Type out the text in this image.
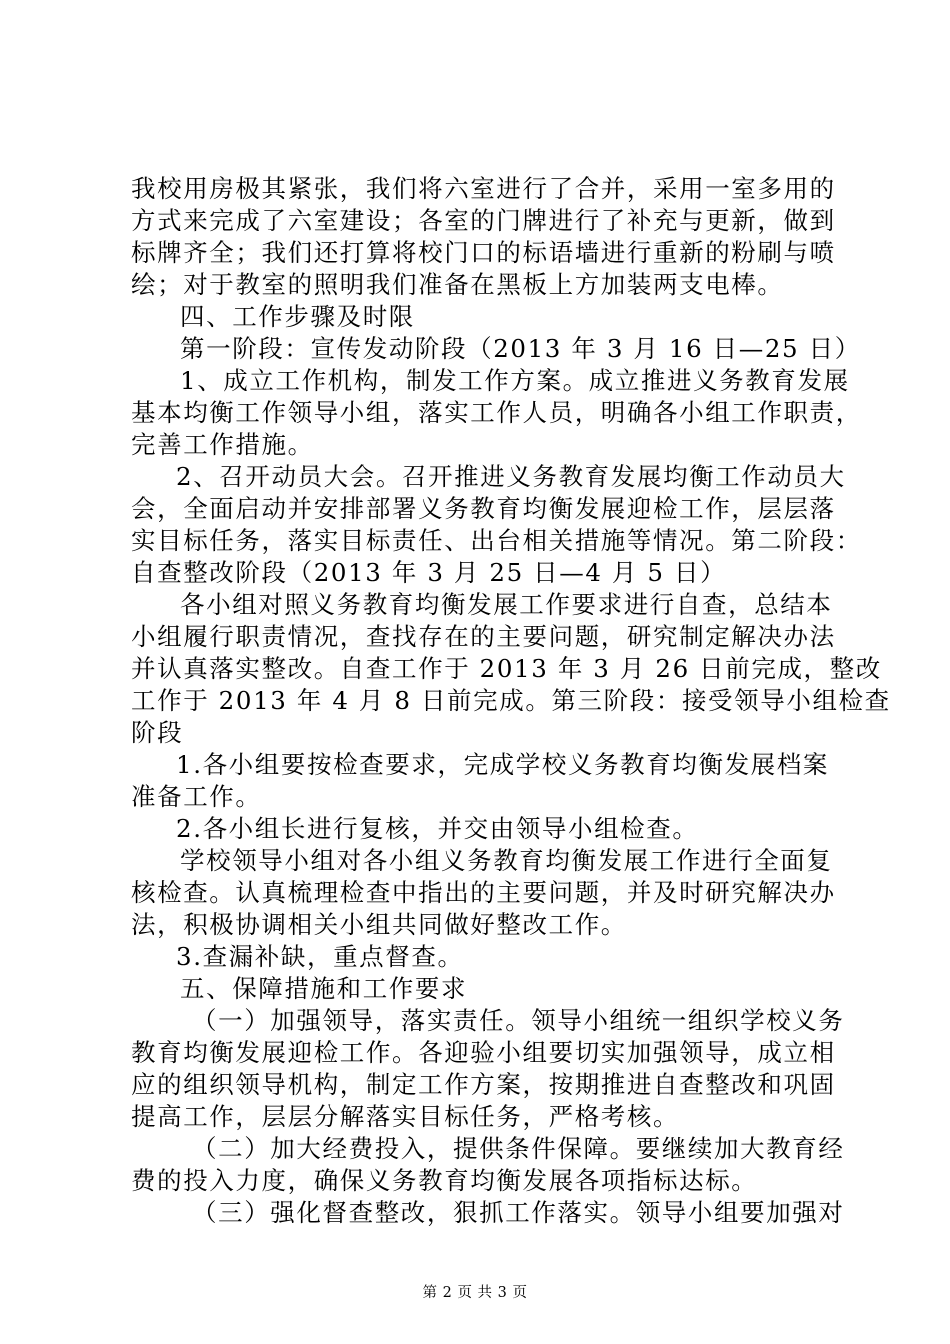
我校用房极其紧张，我们将六室进行了合并，采用一室多用的
方式来完成了六室建设；各室的门牌进行了补充与更新，做到
标牌齐全；我们还打算将校门口的标语墙进行重新的粉刷与喷
绘；对于教室的照明我们准备在黑板上方加装两支电棒。
四、工作步骤及时限
第一阶段：宣传发动阶段（2013 年 3 月 16 日—25 日）
1、成立工作机构，制发工作方案。成立推进义务教育发展
基本均衡工作领导小组，落实工作人员，明确各小组工作职责，
完善工作措施。
2、召开动员大会。召开推进义务教育发展均衡工作动员大
会，全面启动并安排部署义务教育均衡发展迎检工作，层层落
实目标任务，落实目标责任、出台相关措施等情况。第二阶段：
自查整改阶段（2013 年 3 月 25 日—4 月 5 日）
各小组对照义务教育均衡发展工作要求进行自查，总结本
小组履行职责情况，查找存在的主要问题，研究制定解决办法
并认真落实整改。自查工作于 2013 年 3 月 26 日前完成，整改
工作于 2013 年 4 月 8 日前完成。第三阶段：接受领导小组检查
阶段
1.各小组要按检查要求，完成学校义务教育均衡发展档案
准备工作。
2.各小组长进行复核，并交由领导小组检查。
学校领导小组对各小组义务教育均衡发展工作进行全面复
核检查。认真梳理检查中指出的主要问题，并及时研究解决办
法，积极协调相关小组共同做好整改工作。
3.查漏补缺，重点督查。
五、保障措施和工作要求
（一）加强领导，落实责任。领导小组统一组织学校义务
教育均衡发展迎检工作。各迎验小组要切实加强领导，成立相
应的组织领导机构，制定工作方案，按期推进自查整改和巩固
提高工作，层层分解落实目标任务，严格考核。
（二）加大经费投入，提供条件保障。要继续加大教育经
费的投入力度，确保义务教育均衡发展各项指标达标。
（三）强化督查整改，狠抓工作落实。领导小组要加强对
第 2 页 共 3 页
